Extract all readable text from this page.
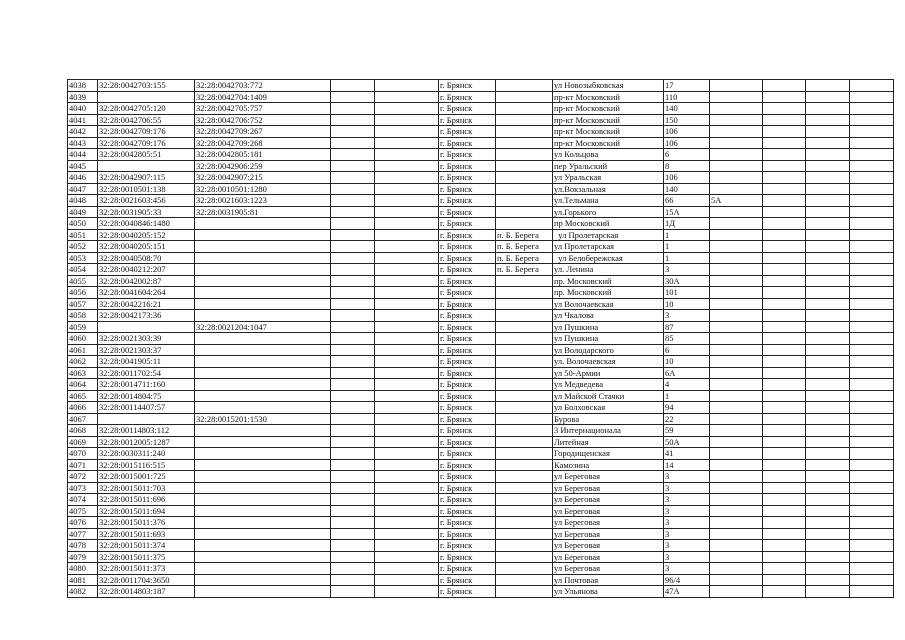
4038	32:28:0042703:155	32:28:0042703:772			г. Брянск		ул Новозыбковская	17				
4039		32:28:0042704:1409			г. Брянск		пр-кт Московский	110				
4040	32:28:0042705:120	32:28:0042705:757			г. Брянск		пр-кт Московский	140				
4041	32:28:0042706:55	32:28:0042706:752			г. Брянск		пр-кт Московский	150				
4042	32:28:0042709:176	32:28:0042709:267			г. Брянск		пр-кт Московский	106				
4043	32:28:0042709:176	32:28:0042709:268			г. Брянск		пр-кт Московский	106				
4044	32:28:0042805:51	32:28:0042805:181			г. Брянск		ул Кольцова	6				
4045		32:28:0042906:259			г. Брянск		пер Уральский	8				
4046	32:28:0042907:115	32:28:0042907:215			г. Брянск		ул Уральская	106				
4047	32:28:0010501:138	32:28:0010501:1280			г. Брянск		ул.Вокзальная	140				
4048	32:28:0021603:456	32:28:0021603:1223			г. Брянск		ул.Тельмана	66	5А			
4049	32:28:0031905:33	32:28:0031905:81			г. Брянск		ул.Горького	15А				
4050	32:28:0040846:1480				г. Брянск		пр Московский	1Д				
4051	32:28:0040205:152				г. Брянск	п. Б. Берега	ул Пролетарская	1				
4052	32:28:0040205:151				г. Брянск	п. Б. Берега	ул Пролетарская	1				
4053	32:28:0040508:70				г. Брянск	п. Б. Берега	ул Белобережская	1				
4054	32:28:0040212:207				г. Брянск	п. Б. Берега	ул. Ленина	3				
4055	32:28:0042002:87				г. Брянск		пр. Московский	30А				
4056	32:28:0041604:264				г. Брянск		пр. Московский	101				
4057	32:28:0042216:21				г. Брянск		ул Волочаевская	10				
4058	32:28:0042173:36				г. Брянск		ул Чкалова	3				
4059		32:28:0021204:1047			г. Брянск		ул Пушкина	87				
4060	32:28:0021303:39				г. Брянск		ул Пушкина	85				
4061	32:28:0021303:37				г. Брянск		ул Володарского	6				
4062	32:28:0041905:11				г. Брянск		ул. Волочаевская	10				
4063	32:28:0011702:54				г. Брянск		ул 50-Армии	6А				
4064	32:28:0014711:160				г. Брянск		ул Медведева	4				
4065	32:28:0014804:75				г. Брянск		ул Майской Стачки	1				
4066	32:28:00114407:57				г. Брянск		ул Болховская	94				
4067		32:28:0015201:1530			г. Брянск		Бурова	22				
4068	32:28:00114803:112				г. Брянск		3 Интернационала	59				
4069	32:28:0012005:1287				г. Брянск		Литейная	50А				
4070	32:28:0030311:240				г. Брянск		Городищенская	41				
4071	32:28:0015116:515				г. Брянск		Камозина	14				
4072	32:28:0015001:725				г. Брянск		ул Береговая	3				
4073	32:28:0015011:703				г. Брянск		ул Береговая	3				
4074	32:28:0015011:696				г. Брянск		ул Береговая	3				
4075	32:28:0015011:694				г. Брянск		ул Береговая	3				
4076	32:28:0015011:376				г. Брянск		ул Береговая	3				
4077	32:28:0015011:693				г. Брянск		ул Береговая	3				
4078	32:28:0015011:374				г. Брянск		ул Береговая	3				
4079	32:28:0015011:375				г. Брянск		ул Береговая	3				
4080	32:28:0015011:373				г. Брянск		ул Береговая	3				
4081	32:28:0011704:3650				г. Брянск		ул Почтовая	96/4				
4082	32:28:0014803:187				г. Брянск		ул Ульянова	47А				
